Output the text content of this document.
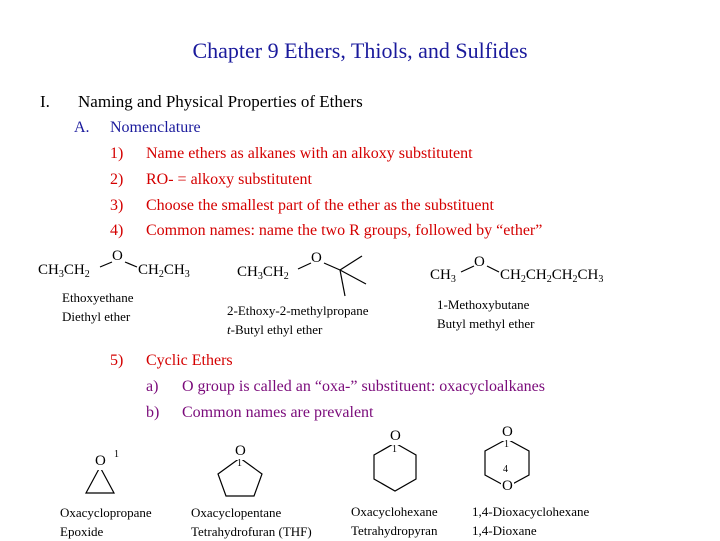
Chapter 9 Ethers, Thiols, and Sulfides
I. Naming and Physical Properties of Ethers
A. Nomenclature
1) Name ethers as alkanes with an alkoxy substitutent
2) RO- = alkoxy substitutent
3) Choose the smallest part of the ether as the substituent
4) Common names: name the two R groups, followed by “ether”
$CH_3CH_2$
O
$CH_2CH_3$
Ethoxyethane
Diethyl ether
$CH_3CH_2$
O
2-Ethoxy-2-methylpropane
t-Butyl ethyl ether
$CH_3$
O
$CH_2CH_2CH_2CH_3$
1-Methoxybutane
Butyl methyl ether
5) Cyclic Ethers
a) O group is called an “oxa-” substituent: oxacycloalkanes
b) Common names are prevalent
O 1
Oxacyclopropane
Epoxide
O
1
Oxacyclopentane
Tetrahydrofuran (THF)
O
1
Oxacyclohexane
Tetrahydropyran
O
1
4
O
1,4-Dioxacyclohexane
1,4-Dioxane
